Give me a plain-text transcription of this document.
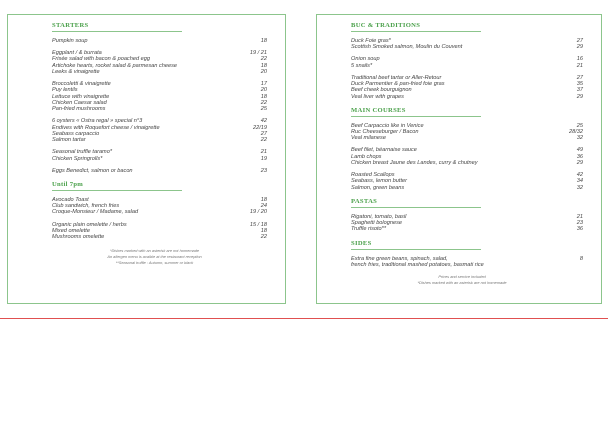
STARTERS
Pumpkin soup	18
Eggplant / & burrata	19 / 21
Frisée salad with bacon & poached egg	22
Artichoke hearts, rocket salad & parmesan cheese	18
Leeks & vinaigrette	20
Broccoletti & vinaigrette	17
Puy lentils	20
Lettuce with vinaigrette	18
Chicken Caesar salad	22
Pan-fried mushrooms	25
6 oysters « Ostra regal » special n°3	42
Endives with Roquefort cheese / vinaigrette	22/19
Seabass carpaccio	27
Salmon tartar	22
Seasonal truffle taramo*	21
Chicken Springrolls*	19
Eggs Benedict, salmon or bacon	23
Until 7pm
Avocado Toast	18
Club sandwich, french fries	24
Croque-Monsieur / Madame, salad	19 / 20
Organic plain omelette / herbs	15 / 18
Mixed omelette	18
Mushrooms omelette	22
*Dishes marked with an asterisk are not homemade
An allergen menu is avaible at the restaurant reception
**Seasonal truffle : Autumn, summer or black
BUC & TRADITIONS
Duck Foie gras*	27
Scottish Smoked salmon, Moulin du Couvent	29
Onion soup	16
5 snails*	21
Traditional beef tartar or Aller-Retour	27
Duck Parmentier & pan-fried foie gras	35
Beef cheek bourguignon	37
Veal liver with grapes	29
MAIN COURSES
Beef Carpaccio like in Venice	25
Ruc Cheeseburger / Bacon	28/32
Veal milanese	32
Beef filet, béarnaise sauce	49
Lamb chops	36
Chicken breast Jaune des Landes, curry & chutney	29
Roasted Scallops	42
Seabass, lemon butter	34
Salmon, green beans	32
PASTAS
Rigatoni, tomato, basil	21
Spaghetti bolognese	23
Truffle risoto**	36
SIDES
Extra fine green beans, spinach, salad,
french fries, traditional mashed potatoes, basmati rice
8
Prices and service included
*Dishes marked with an asterisk are not homemade
